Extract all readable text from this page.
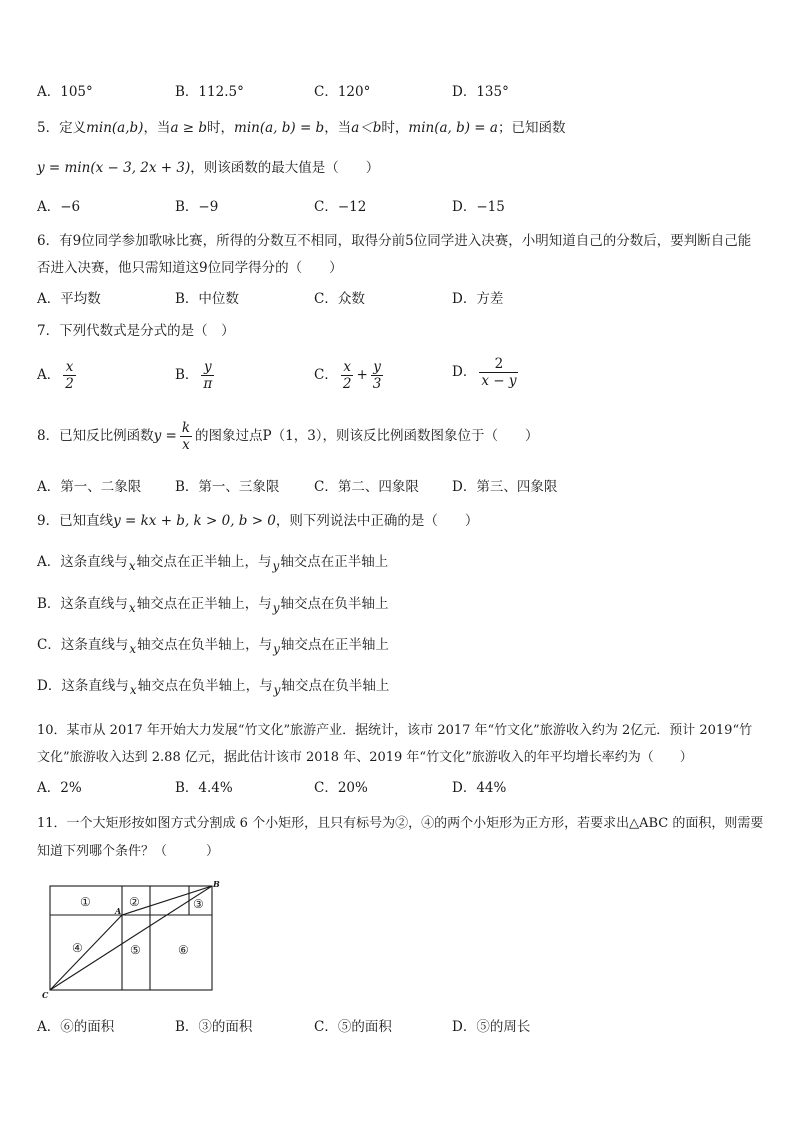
A．105°	B．112.5°	C．120°	D．135°
5．定义min(a,b)，当a ≥ b时，min(a, b) = b，当a＜b时，min(a, b) = a；已知函数
y = min(x − 3, 2x + 3)，则该函数的最大值是（　　）
A．−6	B．−9	C．−12	D．−15
6．有9位同学参加歌咏比赛，所得的分数互不相同，取得分前5位同学进入决赛，小明知道自己的分数后，要判断自己能否进入决赛，他只需知道这9位同学得分的（　　）
A．平均数	B．中位数	C．众数	D．方差
7．下列代数式是分式的是（　）
A． $\frac{x}{2}$	B． $\frac{y}{\pi}$	C． $\frac{x}{2} + \frac{y}{3}$	D． $\frac{2}{x - y}$
8．已知反比例函数$y = \frac{k}{x}$ 的图象过点P（1，3），则该反比例函数图象位于（　　）
A．第一、二象限	B．第一、三象限	C．第二、四象限 D．第三、四象限
9．已知直线y = kx + b, k > 0, b > 0，则下列说法中正确的是（　　）
A．这条直线与x轴交点在正半轴上，与y轴交点在正半轴上
B．这条直线与x轴交点在正半轴上，与y轴交点在负半轴上
C．这条直线与x轴交点在负半轴上，与y轴交点在正半轴上
D．这条直线与x轴交点在负半轴上，与y轴交点在负半轴上
10．某市从 2017 年开始大力发展“竹文化”旅游产业．据统计，该市 2017 年“竹文化”旅游收入约为 2亿元．预计 2019“竹文化”旅游收入达到 2.88 亿元，据此估计该市 2018 年、2019 年“竹文化”旅游收入的年平均增长率约为（　　）
A．2%	B．4.4%	C．20%	D．44%
11．一个大矩形按如图方式分割成 6 个小矩形，且只有标号为②，④的两个小矩形为正方形，若要求出△ABC 的面积，则需要知道下列哪个条件？（　　　）
①	②	③
④	⑤	⑥
A
B
C
A．⑥的面积	B．③的面积	C．⑤的面积	D．⑤的周长
